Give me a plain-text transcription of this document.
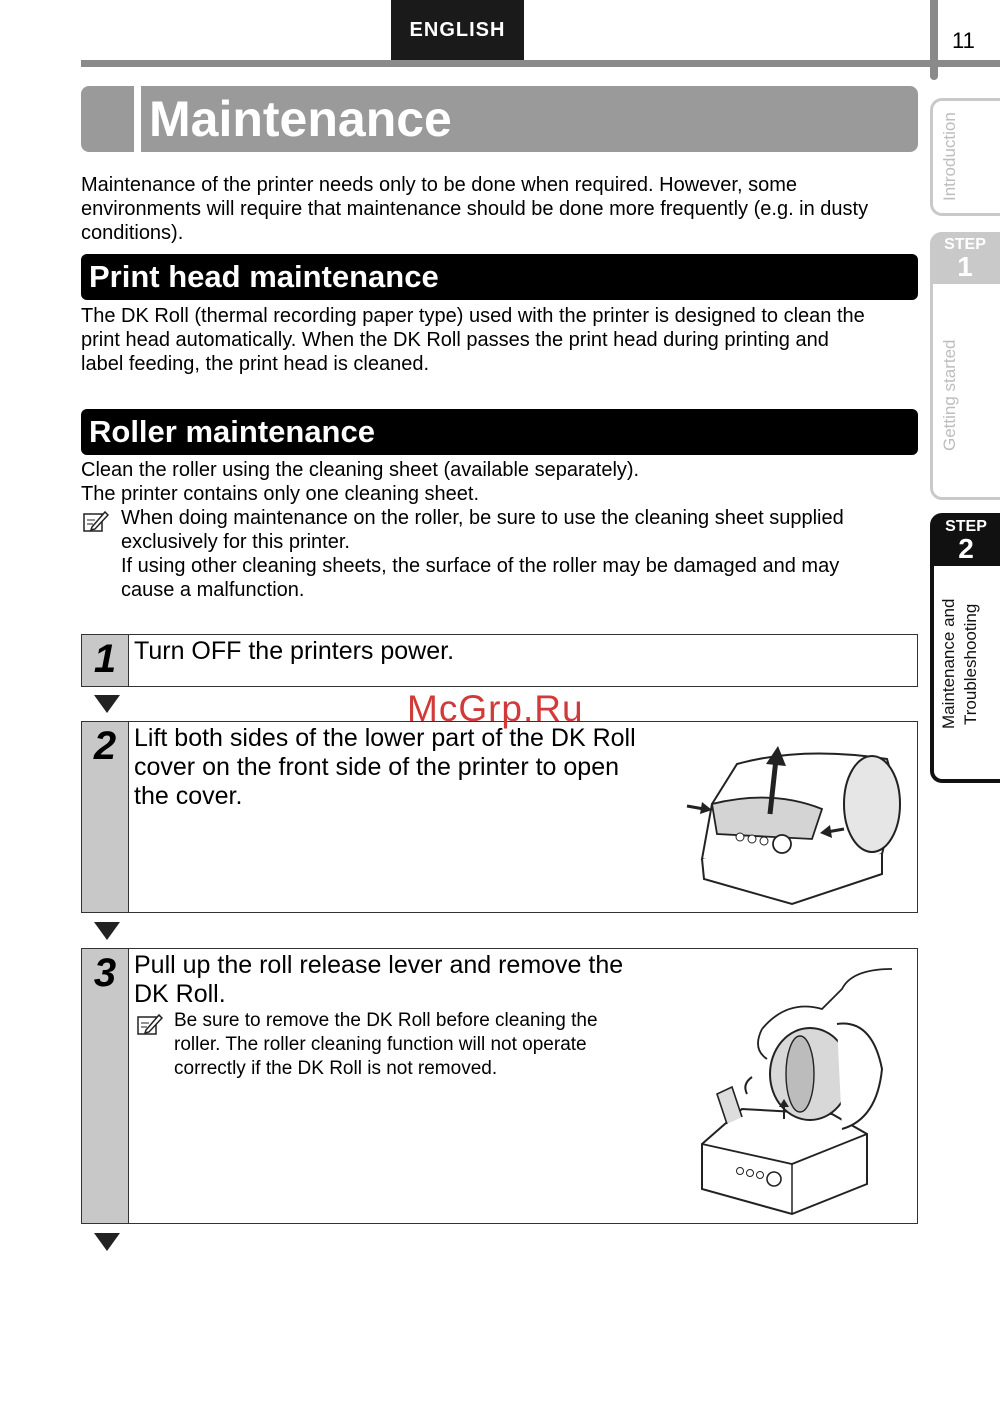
ENGLISH	11
Maintenance
Maintenance of the printer needs only to be done when required. However, some
environments will require that maintenance should be done more frequently (e.g. in dusty
conditions).
Print head maintenance
The DK Roll (thermal recording paper type) used with the printer is designed to clean the
print head automatically. When the DK Roll passes the print head during printing and
label feeding, the print head is cleaned.
Roller maintenance
Clean the roller using the cleaning sheet (available separately).
The printer contains only one cleaning sheet.
When doing maintenance on the roller, be sure to use the cleaning sheet supplied
exclusively for this printer.
If using other cleaning sheets, the surface of the roller may be damaged and may
cause a malfunction.
1 Turn OFF the printers power.
2 Lift both sides of the lower part of the DK Roll
cover on the front side of the printer to open
the cover.
3 Pull up the roll release lever and remove the
DK Roll.
Be sure to remove the DK Roll before cleaning the
roller. The roller cleaning function will not operate
correctly if the DK Roll is not removed.
Introduction
STEP
1
Getting started
STEP
2
Maintenance and Troubleshooting
McGrp.Ru
